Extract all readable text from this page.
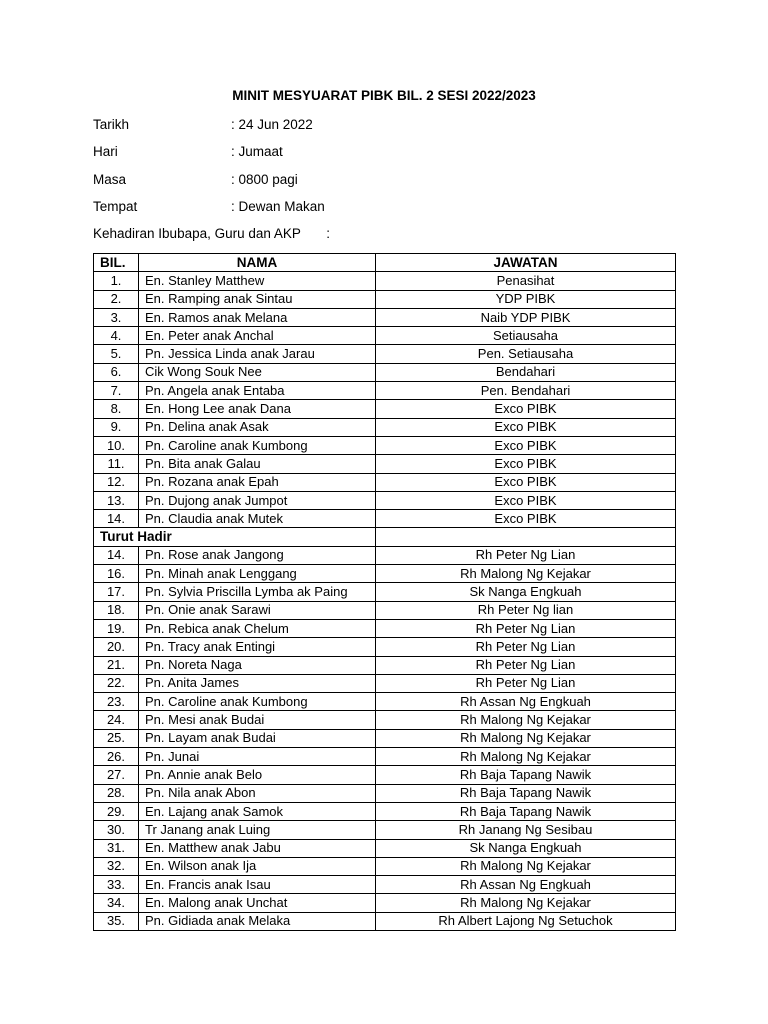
MINIT MESYUARAT PIBK BIL. 2 SESI 2022/2023
Tarikh	: 24 Jun 2022
Hari	: Jumaat
Masa	: 0800 pagi
Tempat	: Dewan Makan
Kehadiran Ibubapa, Guru dan AKP :
BIL.	NAMA	JAWATAN
1.	En. Stanley Matthew	Penasihat
2.	En. Ramping anak Sintau	YDP PIBK
3.	En. Ramos anak Melana	Naib YDP PIBK
4.	En. Peter anak Anchal	Setiausaha
5.	Pn. Jessica Linda anak Jarau	Pen. Setiausaha
6.	Cik Wong Souk Nee	Bendahari
7.	Pn. Angela anak Entaba	Pen. Bendahari
8.	En. Hong Lee anak Dana	Exco PIBK
9.	Pn. Delina anak Asak	Exco PIBK
10.	Pn. Caroline anak Kumbong	Exco PIBK
11.	Pn. Bita anak Galau	Exco PIBK
12.	Pn. Rozana anak Epah	Exco PIBK
13.	Pn. Dujong anak Jumpot	Exco PIBK
14.	Pn. Claudia anak Mutek	Exco PIBK
Turut Hadir		
14.	Pn. Rose anak Jangong	Rh Peter Ng Lian
16.	Pn. Minah anak Lenggang	Rh Malong Ng Kejakar
17.	Pn. Sylvia Priscilla Lymba ak Paing	Sk Nanga Engkuah
18.	Pn. Onie anak Sarawi	Rh Peter Ng lian
19.	Pn. Rebica anak Chelum	Rh Peter Ng Lian
20.	Pn. Tracy anak Entingi	Rh Peter Ng Lian
21.	Pn. Noreta Naga	Rh Peter Ng Lian
22.	Pn. Anita James	Rh Peter Ng Lian
23.	Pn. Caroline anak Kumbong	Rh Assan Ng Engkuah
24.	Pn. Mesi anak Budai	Rh Malong Ng Kejakar
25.	Pn. Layam anak Budai	Rh Malong Ng Kejakar
26.	Pn. Junai	Rh Malong Ng Kejakar
27.	Pn. Annie anak Belo	Rh Baja Tapang Nawik
28.	Pn. Nila anak Abon	Rh Baja Tapang Nawik
29.	En. Lajang anak Samok	Rh Baja Tapang Nawik
30.	Tr Janang anak Luing	Rh Janang Ng Sesibau
31.	En. Matthew anak Jabu	Sk Nanga Engkuah
32.	En. Wilson anak Ija	Rh Malong Ng Kejakar
33.	En. Francis anak Isau	Rh Assan Ng Engkuah
34.	En. Malong anak Unchat	Rh Malong Ng Kejakar
35.	Pn. Gidiada anak Melaka	Rh Albert Lajong Ng Setuchok
